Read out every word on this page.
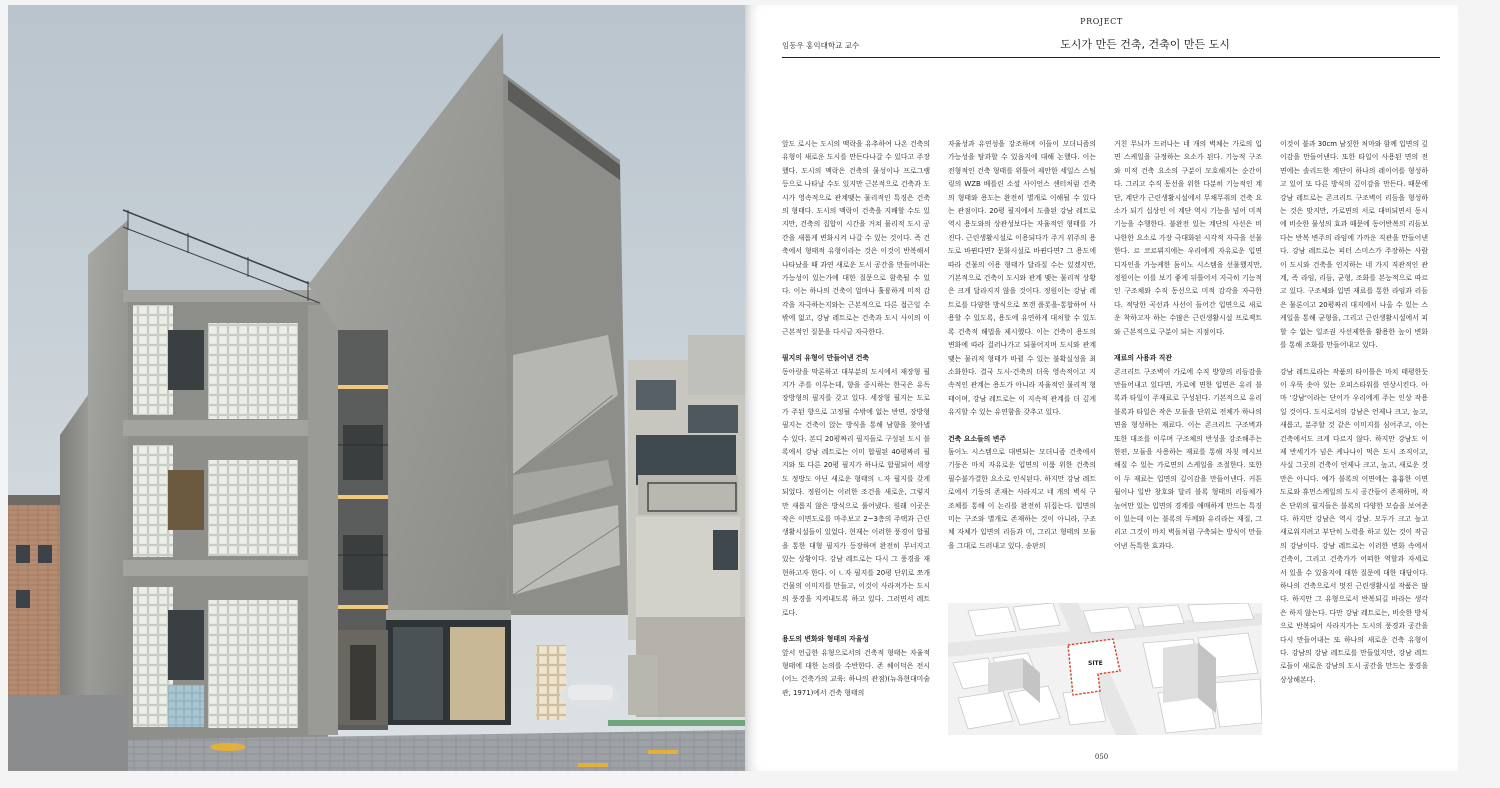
PROJECT
임동우 홍익대학교 교수	도시가 만든 건축, 건축이 만든 도시

앞도 로시는 도시의 맥락을 유추하여 나온 건축의 유형이 새로운 도시를 만든다나갈 수 있다고 주장했다. 도시의 맥락은 건축의 물성이나 프로그램 등으로 나타날 수도 있지만 근본적으로 건축과 도시가 영속적으로 관계맺는 물리적인 특징은 건축의 형태다. 도시의 맥락이 건축을 지배할 수도 있지만, 건축의 집합이 시간을 거쳐 물리적 도시 공간을 새롭게 변화시켜 나갈 수 있는 것이다. 즉 건축에서 형태적 유형이라는 것은 이것이 반복해서 나타났을 때 과연 새로운 도시 공간을 만들어내는 가능성이 있는가에 대한 질문으로 함축될 수 있다. 이는 하나의 건축이 얼마나 훌륭하게 미적 감각을 자극하는지와는 근본적으로 다른 접근일 수밖에 없고, 강남 레트로는 건축과 도시 사이의 이 근본적인 질문을 다시금 자극한다.

필지의 유형이 만들어낸 건축

동아랑을 막론하고 대부분의 도시에서 재장형 필지가 주를 이루는데, 향을 중시하는 한국은 유독 장방형의 필지를 갖고 있다. 세장형 필지는 도로가 주된 향으로 고정될 수밖에 없는 반면, 장방형 필지는 건축이 앉는 방식을 통해 남향을 찾아낼 수 있다. 본디 20평짜리 필지들로 구성된 도시 블록에서 강남 레트로는 이미 합필된 40평짜리 필지와 또 다른 20평 필지가 하나로 합필되어 세장도 정방도 아닌 새로운 형태의 ㄴ자 필지를 갖게 되었다. 정원이는 이러한 조건을 새로운, 그렇지만 새롭지 않은 방식으로 풀어냈다. 원래 이곳은 작은 이면도로를 마주보고 2~3층의 주택과 근린생활시설들이 있었다. 현재는 이러한 풍경이 합필을 통한 대형 필지가 등장하며 완전히 무너지고 있는 상황이다. 강남 레트로는 다시 그 풍경을 재현하고자 한다. 이 ㄴ자 필지를 20평 단위로 쪼개 건물의 이미지를 만들고, 이것이 사라져가는 도시의 풍경을 지켜내도록 하고 있다. 그러면서 레트로다.

용도의 변화와 형태의 자율성

앞서 언급한 유형으로서의 건축적 형태는 자율적 형태에 대한 논의를 수반한다. 존 헤이덕은 전시 (어느 건축가의 교육: 하나의 관점)(뉴욕현대미술관, 1971)에서 건축 형태의

자율성과 유연성을 강조하며 이들이 모더니즘의 가능성을 탐과할 수 있음지에 대해 논했다. 이는 전형적인 건축 형태를 위틀어 제안한 세일스 스팀링의 WZB 베를린 소셜 사이언스 센터처럼 건축의 형태와 용도는 완전히 별개로 이해될 수 있다는 관점이다. 20평 필지에서 도출된 강남 레트로 역시 용도와의 상관성보다는 자율적인 형태를 가진다. 근린생활시설로 이용되다가 주거 위주의 용도로 바뀐다면? 문화시설로 바뀐다면? 그 용도에 따라 건물의 이용 형태가 달라질 수는 있겠지만, 기본적으로 건축이 도시와 관계 맺는 물리적 상황은 크게 달라지지 않을 것이다. 정원이는 강남 레트로를 다양한 방식으로 쪼갠 플롯을-통합하여 사용할 수 있도록, 용도에 유연하게 대처할 수 있도록 건축적 해법을 제시했다. 이는 건축이 용도의 변화에 따라 걸러나가고 되물어지며 도시와 관계 맺는 물리적 형태가 바뀔 수 있는 불확실성을 최소화한다. 결국 도시-건축의 더욱 영속적이고 지속적인 관계는 용도가 아니라 자율적인 물리적 형태이며, 강남 레트로는 이 지속적 관계를 더 깊게 유지할 수 있는 유연함을 갖추고 있다.

건축 요소들의 변주

돔이노 시스템으로 대변되는 모더니즘 건축에서 기둥은 마치 자유로운 입면의 이룸 위한 건축의 필수불가결한 요소로 인식된다. 하지만 강남 레트로에서 기둥의 존재는 사라지고 네 개의 벽식 구조체를 통해 이 논리를 완전히 뒤집는다. 입면의 미는 구조와 별개로 존재하는 것이 아니라, 구조체 자체가 입면의 리듬과 미, 그리고 형태의 모듈을 그대로 드러내고 있다. 송판의

거친 무늬가 드러나는 네 개의 벽체는 가로의 입면 스케일을 규정하는 요소가 된다. 기능적 구조와 미적 건축 요소의 구분이 모호해지는 순간이다. 그리고 수직 동선을 위한 다분히 기능적인 계단, 계단가 근린생활시설에서 무채무취의 건축 요소가 되기 십상인 이 계단 역시 기능을 넘어 미적 기능을 수행한다. 불완전 있는 계단의 사선은 비나한한 요소로 가장 극대화된 시각적 자극을 선물한다. 르 코르뷔지에는 우리에게 자유로운 입면 디자인을 가능케한 돔이노 시스템을 선물했지만, 정원이는 이를 보기 좋게 뒤틀어서 지극히 기능적인 구조체와 수직 동선으로 미적 감각을 자극한다. 적당한 곡선과 사선이 들어간 입면으로 새로운 착하고자 하는 수많은 근린생활시설 프로젝트와 근본적으로 구분이 되는 지점이다.

재료의 사용과 직관

콘크리트 구조벽이 가로에 수직 방향의 리듬감을 만들어내고 있다면, 가로에 면한 입면은 유리 블록과 타일이 주재료로 구성된다. 기본적으로 유리 블록과 타일은 작은 모듈을 단위로 전체가 하나의 면을 형성하는 재료다. 이는 콘크리트 구조벽과 또한 대조를 이루며 구조체의 반성을 강조해주는 한편, 모듈을 사용하는 재료를 통해 자칫 메시브해질 수 있는 가로면의 스케일을 조절한다. 또한 이 두 재료는 입면의 깊이감을 만들어낸다. 커튼월이나 일반 창호와 달리 블록 형태의 리듬체가 높여만 있는 입면의 경계를 애매하게 만드는 특징이 있는데 이는 블록의 두께와 유리라는 재질, 그리고 그것이 마치 벽돌처럼 구축되는 방식이 만들어낸 독특한 효과다.

이것이 불과 30cm 남짓한 처마와 함께 입면의 깊이감을 만들어낸다. 또한 타일이 사용된 면의 전면에는 솔리드한 계단이 하나의 레이어를 형성하고 있어 또 다른 방식의 깊이감을 만든다. 때문에 강남 레트로는 콘크리트 구조벽이 리듬을 형성하는 것은 맞지만, 가로면의 서로 대비되면서 동시에 비슷한 물성의 효과 때문에 동어반복의 리듬보다는 반복 변주의 라임에 가까운 직관을 만들어낸다. 강남 레트로는 피터 스미스가 주장하는 사람이 도시와 건축을 인지하는 네 가지 직관적인 관계, 즉 라임, 리듬, 균형, 조화를 본능적으로 따르고 있다. 구조체와 입면 재료를 통한 라임과 리듬은 물론이고 20평짜리 대지에서 나올 수 있는 스케일을 통해 균형을, 그리고 근린생활시설에서 피할 수 없는 일조권 사선제한을 활용한 높이 변화를 통해 조화를 만들어내고 있다.

강남 레트로라는 작품의 타이틀은 마치 태평한듯이 우뚝 솟아 있는 오피스타워를 연상시킨다. 아마 '강남'이라는 단어가 우리에게 주는 인상 작용일 것이다. 도시로서의 강남은 언제나 크고, 높고, 새롭고, 분주할 것 같은 이미지를 심어주고, 이는 건축에서도 크게 다르지 않다. 하지만 강남도 이제 반세기가 넘은 케나나이 먹은 도시 조직이고, 사실 그곳의 건축이 언제나 크고, 높고, 새로운 것만은 아니다. 예가 블록의 이면에는 흉흉한 이면도로와 휴먼스케일의 도시 공간들이 존재하며, 작은 단위의 필지들은 블록의 다양한 모습을 보여준다. 하지만 강남은 역시 강남. 모두가 크고 높고 새로워지려고 부단히 노력을 하고 있는 것이 작금의 강남이다. 강남 레트로는 이러한 변화 속에서 건축이, 그리고 건축가가 어떠한 역할과 자세로 서 있을 수 있을지에 대한 질문에 대한 대답이다. 하나의 건축으로서 멋진 근린생활시설 작품은 많다. 하지만 그 유형으로서 반복되길 바라는 생각은 하지 않는다. 다만 강남 레트로는, 비슷한 방식으로 반복되어 사라지가는 도시의 풍경과 공간을 다시 만들어내는 또 하나의 새로운 건축 유형이다. 강남의 강남 레트로를 만들었지만, 강남 레트로들이 새로운 강남의 도시 공간을 만드는 풍경을 상상해본다.

SITE
050
